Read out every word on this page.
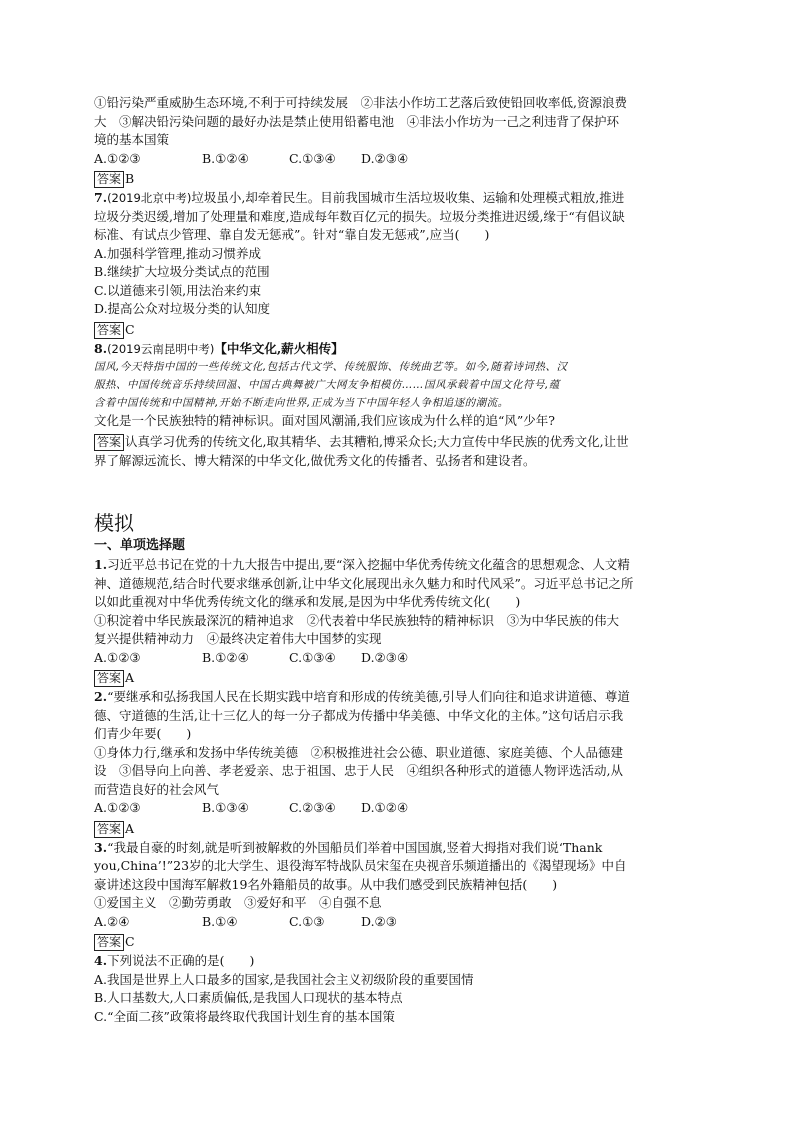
①铅污染严重威胁生态环境,不利于可持续发展　②非法小作坊工艺落后致使铅回收率低,资源浪费
大　③解决铅污染问题的最好办法是禁止使用铅蓄电池　④非法小作坊为一己之利违背了保护环
境的基本国策
A.①②③	B.①②④	C.①③④	D.②③④
答案 B
7.(2019北京中考)垃圾虽小,却牵着民生。目前我国城市生活垃圾收集、运输和处理模式粗放,推进
垃圾分类迟缓,增加了处理量和难度,造成每年数百亿元的损失。垃圾分类推进迟缓,缘于“有倡议缺
标准、有试点少管理、靠自发无惩戒”。针对“靠自发无惩戒”,应当(　　)
A.加强科学管理,推动习惯养成
B.继续扩大垃圾分类试点的范围
C.以道德来引领,用法治来约束
D.提高公众对垃圾分类的认知度
答案 C
8.(2019云南昆明中考)【中华文化,薪火相传】
国风,今天特指中国的一些传统文化,包括古代文学、传统服饰、传统曲艺等。如今,随着诗词热、汉
服热、中国传统音乐持续回温、中国古典舞被广大网友争相模仿……国风承载着中国文化符号,蕴
含着中国传统和中国精神,开始不断走向世界,正成为当下中国年轻人争相追逐的潮流。
文化是一个民族独特的精神标识。面对国风潮涌,我们应该成为什么样的追“风”少年?
答案 认真学习优秀的传统文化,取其精华、去其糟粕,博采众长;大力宣传中华民族的优秀文化,让世
界了解源远流长、博大精深的中华文化,做优秀文化的传播者、弘扬者和建设者。
模拟
一、单项选择题
1.习近平总书记在党的十九大报告中提出,要“深入挖掘中华优秀传统文化蕴含的思想观念、人文精
神、道德规范,结合时代要求继承创新,让中华文化展现出永久魅力和时代风采”。习近平总书记之所
以如此重视对中华优秀传统文化的继承和发展,是因为中华优秀传统文化(　　)
①积淀着中华民族最深沉的精神追求　②代表着中华民族独特的精神标识　③为中华民族的伟大
复兴提供精神动力　④最终决定着伟大中国梦的实现
A.①②③	B.①②④	C.①③④	D.②③④
答案 A
2.“要继承和弘扬我国人民在长期实践中培育和形成的传统美德,引导人们向往和追求讲道德、尊道
德、守道德的生活,让十三亿人的每一分子都成为传播中华美德、中华文化的主体。”这句话启示我
们青少年要(　　)
①身体力行,继承和发扬中华传统美德　②积极推进社会公德、职业道德、家庭美德、个人品德建
设　③倡导向上向善、孝老爱亲、忠于祖国、忠于人民　④组织各种形式的道德人物评选活动,从
而营造良好的社会风气
A.①②③	B.①③④	C.②③④	D.①②④
答案 A
3.“我最自豪的时刻,就是听到被解救的外国船员们举着中国国旗,竖着大拇指对我们说‘Thank
you,China’!”23岁的北大学生、退役海军特战队员宋玺在央视音乐频道播出的《渴望现场》中自
豪讲述这段中国海军解救19名外籍船员的故事。从中我们感受到民族精神包括(　　)
①爱国主义　②勤劳勇敢　③爱好和平　④自强不息
A.②④	B.①④	C.①③	D.②③
答案 C
4.下列说法不正确的是(　　)
A.我国是世界上人口最多的国家,是我国社会主义初级阶段的重要国情
B.人口基数大,人口素质偏低,是我国人口现状的基本特点
C.“全面二孩”政策将最终取代我国计划生育的基本国策
